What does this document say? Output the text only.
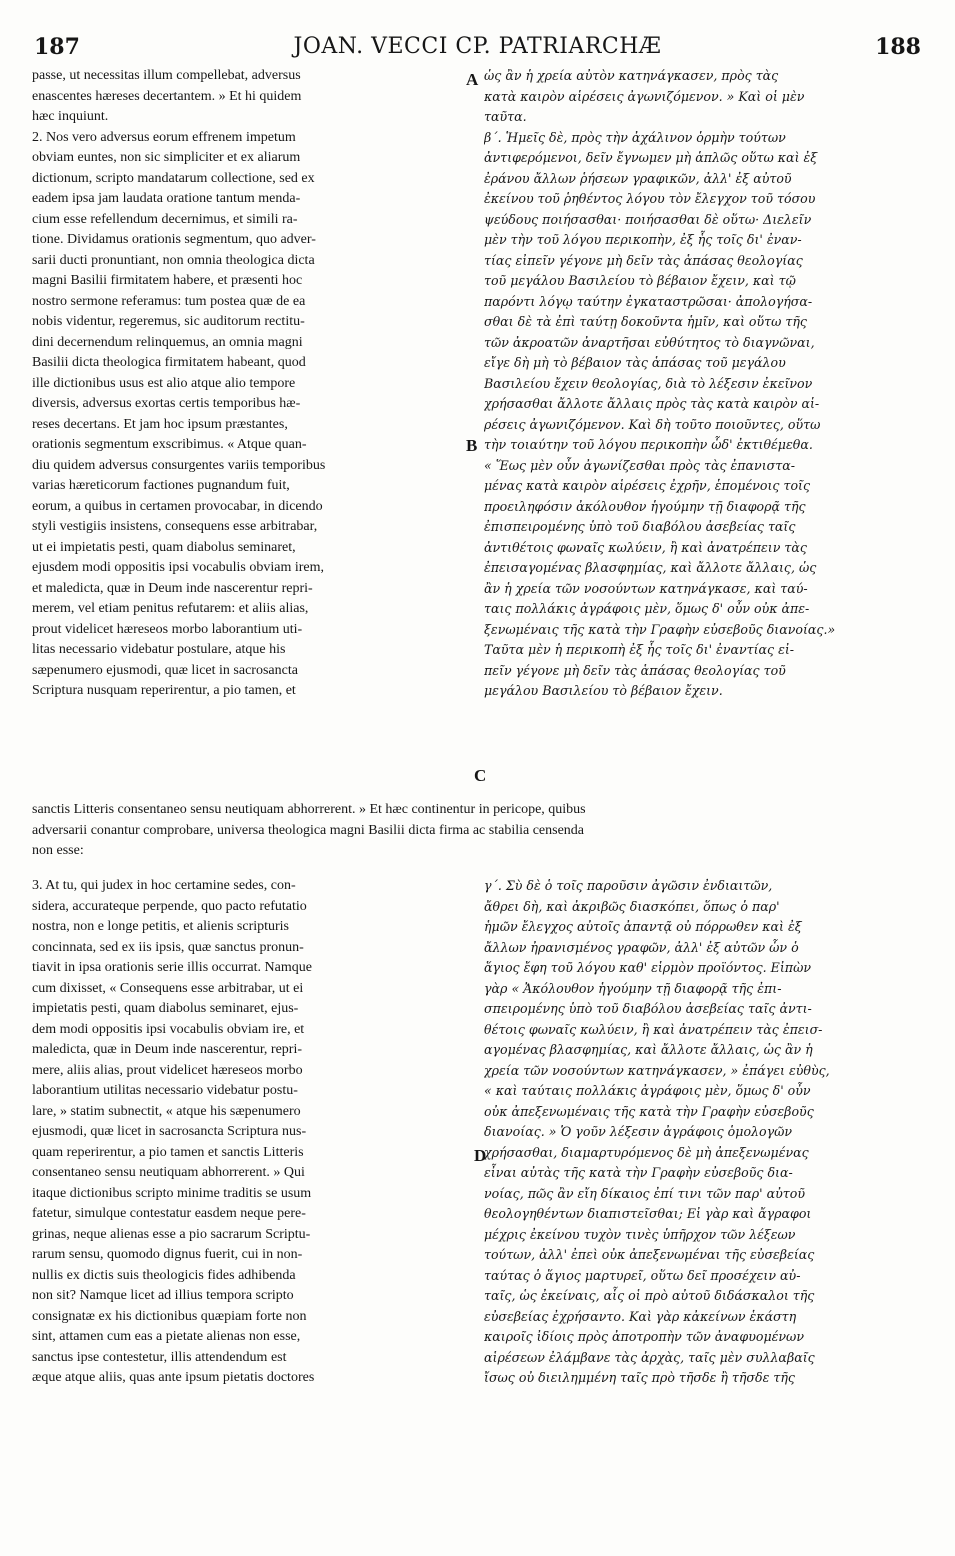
187	JOAN. VECCI CP. PATRIARCHÆ	188
passe, ut necessitas illum compellebat, adversus
enascentes hæreses decertantem. » Et hi quidem
hæc inquiunt.
2. Nos vero adversus eorum effrenem impetum
obviam euntes, non sic simpliciter et ex aliarum
dictionum, scripto mandatarum collectione, sed ex
eadem ipsa jam laudata oratione tantum menda-
cium esse refellendum decernimus, et simili ra-
tione. Dividamus orationis segmentum, quo adver-
sarii ducti pronuntiant, non omnia theologica dicta
magni Basilii firmitatem habere, et præsenti hoc
nostro sermone referamus: tum postea quæ de ea
nobis videntur, regeremus, sic auditorum rectitu-
dini decernendum relinquemus, an omnia magni
Basilii dicta theologica firmitatem habeant, quod
ille dictionibus usus est alio atque alio tempore
diversis, adversus exortas certis temporibus hæ-
reses decertans. Et jam hoc ipsum præstantes,
orationis segmentum exscribimus. « Atque quan-
diu quidem adversus consurgentes variis temporibus
varias hæreticorum factiones pugnandum fuit,
eorum, a quibus in certamen provocabar, in dicendo
styli vestigiis insistens, consequens esse arbitrabar,
ut ei impietatis pesti, quam diabolus seminaret,
ejusdem modi oppositis ipsi vocabulis obviam irem,
et maledicta, quæ in Deum inde nascerentur repri-
merem, vel etiam penitus refutarem: et aliis alias,
prout videlicet hæreseos morbo laborantium uti-
litas necessario videbatur postulare, atque his
sæpenumero ejusmodi, quæ licet in sacrosancta
Scriptura nusquam reperirentur, a pio tamen, et
ὡς ἂν ἡ χρεία αὐτὸν κατηνάγκασεν, πρὸς τὰς
κατὰ καιρὸν αἱρέσεις ἀγωνιζόμενον. » Καὶ οἱ μὲν
ταῦτα.
β΄. Ἡμεῖς δὲ, πρὸς τὴν ἀχάλινον ὁρμὴν τούτων
ἀντιφερόμενοι, δεῖν ἔγνωμεν μὴ ἁπλῶς οὕτω καὶ ἐξ
ἐράνου ἄλλων ῥήσεων γραφικῶν, ἀλλ' ἐξ αὐτοῦ
ἐκείνου τοῦ ῥηθέντος λόγου τὸν ἔλεγχον τοῦ τόσου
ψεύδους ποιήσασθαι· ποιήσασθαι δὲ οὕτω· Διελεῖν
μὲν τὴν τοῦ λόγου περικοπὴν, ἐξ ἧς τοῖς δι' ἐναν-
τίας εἰπεῖν γέγονε μὴ δεῖν τὰς ἁπάσας θεολογίας
τοῦ μεγάλου Βασιλείου τὸ βέβαιον ἔχειν, καὶ τῷ
παρόντι λόγῳ ταύτην ἐγκαταστρῶσαι· ἀπολογήσα-
σθαι δὲ τὰ ἐπὶ ταύτῃ δοκοῦντα ἡμῖν, καὶ οὕτω τῆς
τῶν ἀκροατῶν ἀναρτῆσαι εὐθύτητος τὸ διαγνῶναι,
εἴγε δὴ μὴ τὸ βέβαιον τὰς ἁπάσας τοῦ μεγάλου
Βασιλείου ἔχειν θεολογίας, διὰ τὸ λέξεσιν ἐκεῖνον
χρήσασθαι ἄλλοτε ἄλλαις πρὸς τὰς κατὰ καιρὸν αἱ-
ρέσεις ἀγωνιζόμενον. Καὶ δὴ τοῦτο ποιοῦντες, οὕτω
τὴν τοιαύτην τοῦ λόγου περικοπὴν ὧδ' ἐκτιθέμεθα.
« Ἕως μὲν οὖν ἀγωνίζεσθαι πρὸς τὰς ἐπανιστα-
μένας κατὰ καιρὸν αἱρέσεις ἐχρῆν, ἑπομένοις τοῖς
προειληφόσιν ἀκόλουθον ἡγούμην τῇ διαφορᾷ τῆς
ἐπισπειρομένης ὑπὸ τοῦ διαβόλου ἀσεβείας ταῖς
ἀντιθέτοις φωναῖς κωλύειν, ἢ καὶ ἀνατρέπειν τὰς
ἐπεισαγομένας βλασφημίας, καὶ ἄλλοτε ἄλλαις, ὡς
ἂν ἡ χρεία τῶν νοσούντων κατηνάγκασε, καὶ ταύ-
ταις πολλάκις ἀγράφοις μὲν, ὅμως δ' οὖν οὐκ ἀπε-
ξενωμέναις τῆς κατὰ τὴν Γραφὴν εὐσεβοῦς διανοίας.»
Ταῦτα μὲν ἡ περικοπὴ ἐξ ἧς τοῖς δι' ἐναντίας εἰ-
πεῖν γέγονε μὴ δεῖν τὰς ἁπάσας θεολογίας τοῦ
μεγάλου Βασιλείου τὸ βέβαιον ἔχειν.
sanctis Litteris consentaneo sensu neutiquam abhorrerent. » Et hæc continentur in pericope, quibus
adversarii conantur comprobare, universa theologica magni Basilii dicta firma ac stabilia censenda
non esse:
3. At tu, qui judex in hoc certamine sedes, con-
sidera, accurateque perpende, quo pacto refutatio
nostra, non e longe petitis, et alienis scripturis
concinnata, sed ex iis ipsis, quæ sanctus pronun-
tiavit in ipsa orationis serie illis occurrat. Namque
cum dixisset, « Consequens esse arbitrabar, ut ei
impietatis pesti, quam diabolus seminaret, ejus-
dem modi oppositis ipsi vocabulis obviam ire, et
maledicta, quæ in Deum inde nascerentur, repri-
mere, aliis alias, prout videlicet hæreseos morbo
laborantium utilitas necessario videbatur postu-
lare, » statim subnectit, « atque his sæpenumero
ejusmodi, quæ licet in sacrosancta Scriptura nus-
quam reperirentur, a pio tamen et sanctis Litteris
consentaneo sensu neutiquam abhorrerent. » Qui
itaque dictionibus scripto minime traditis se usum
fatetur, simulque contestatur easdem neque pere-
grinas, neque alienas esse a pio sacrarum Scriptu-
rarum sensu, quomodo dignus fuerit, cui in non-
nullis ex dictis suis theologicis fides adhibenda
non sit? Namque licet ad illius tempora scripto
consignatæ ex his dictionibus quæpiam forte non
sint, attamen cum eas a pietate alienas non esse,
sanctus ipse contestetur, illis attendendum est
æque atque aliis, quas ante ipsum pietatis doctores
γ΄. Σὺ δὲ ὁ τοῖς παροῦσιν ἀγῶσιν ἐνδιαιτῶν,
ἄθρει δὴ, καὶ ἀκριβῶς διασκόπει, ὅπως ὁ παρ'
ἡμῶν ἔλεγχος αὐτοῖς ἀπαντᾷ οὐ πόρρωθεν καὶ ἐξ
ἄλλων ἠρανισμένος γραφῶν, ἀλλ' ἐξ αὐτῶν ὧν ὁ
ἅγιος ἔφη τοῦ λόγου καθ' εἱρμὸν προϊόντος. Εἰπὼν
γὰρ « Ἀκόλουθον ἡγούμην τῇ διαφορᾷ τῆς ἐπι-
σπειρομένης ὑπὸ τοῦ διαβόλου ἀσεβείας ταῖς ἀντι-
θέτοις φωναῖς κωλύειν, ἢ καὶ ἀνατρέπειν τὰς ἐπεισ-
αγομένας βλασφημίας, καὶ ἄλλοτε ἄλλαις, ὡς ἂν ἡ
χρεία τῶν νοσούντων κατηνάγκασεν, » ἐπάγει εὐθὺς,
« καὶ ταύταις πολλάκις ἀγράφοις μὲν, ὅμως δ' οὖν
οὐκ ἀπεξενωμέναις τῆς κατὰ τὴν Γραφὴν εὐσεβοῦς
διανοίας. » Ὁ γοῦν λέξεσιν ἀγράφοις ὁμολογῶν
χρήσασθαι, διαμαρτυρόμενος δὲ μὴ ἀπεξενωμένας
εἶναι αὐτὰς τῆς κατὰ τὴν Γραφὴν εὐσεβοῦς δια-
νοίας, πῶς ἂν εἴη δίκαιος ἐπί τινι τῶν παρ' αὐτοῦ
θεολογηθέντων διαπιστεῖσθαι; Εἰ γὰρ καὶ ἄγραφοι
μέχρις ἐκείνου τυχὸν τινὲς ὑπῆρχον τῶν λέξεων
τούτων, ἀλλ' ἐπεὶ οὐκ ἀπεξενωμέναι τῆς εὐσεβείας
ταύτας ὁ ἅγιος μαρτυρεῖ, οὕτω δεῖ προσέχειν αὐ-
ταῖς, ὡς ἐκείναις, αἷς οἱ πρὸ αὐτοῦ διδάσκαλοι τῆς
εὐσεβείας ἐχρήσαντο. Καὶ γὰρ κἀκείνων ἑκάστη
καιροῖς ἰδίοις πρὸς ἀποτροπὴν τῶν ἀναφυομένων
αἱρέσεων ἐλάμβανε τὰς ἀρχὰς, ταῖς μὲν συλλαβαῖς
ἴσως οὐ διειλημμένη ταῖς πρὸ τῆσδε ἢ τῆσδε τῆς
A
B
C
D
